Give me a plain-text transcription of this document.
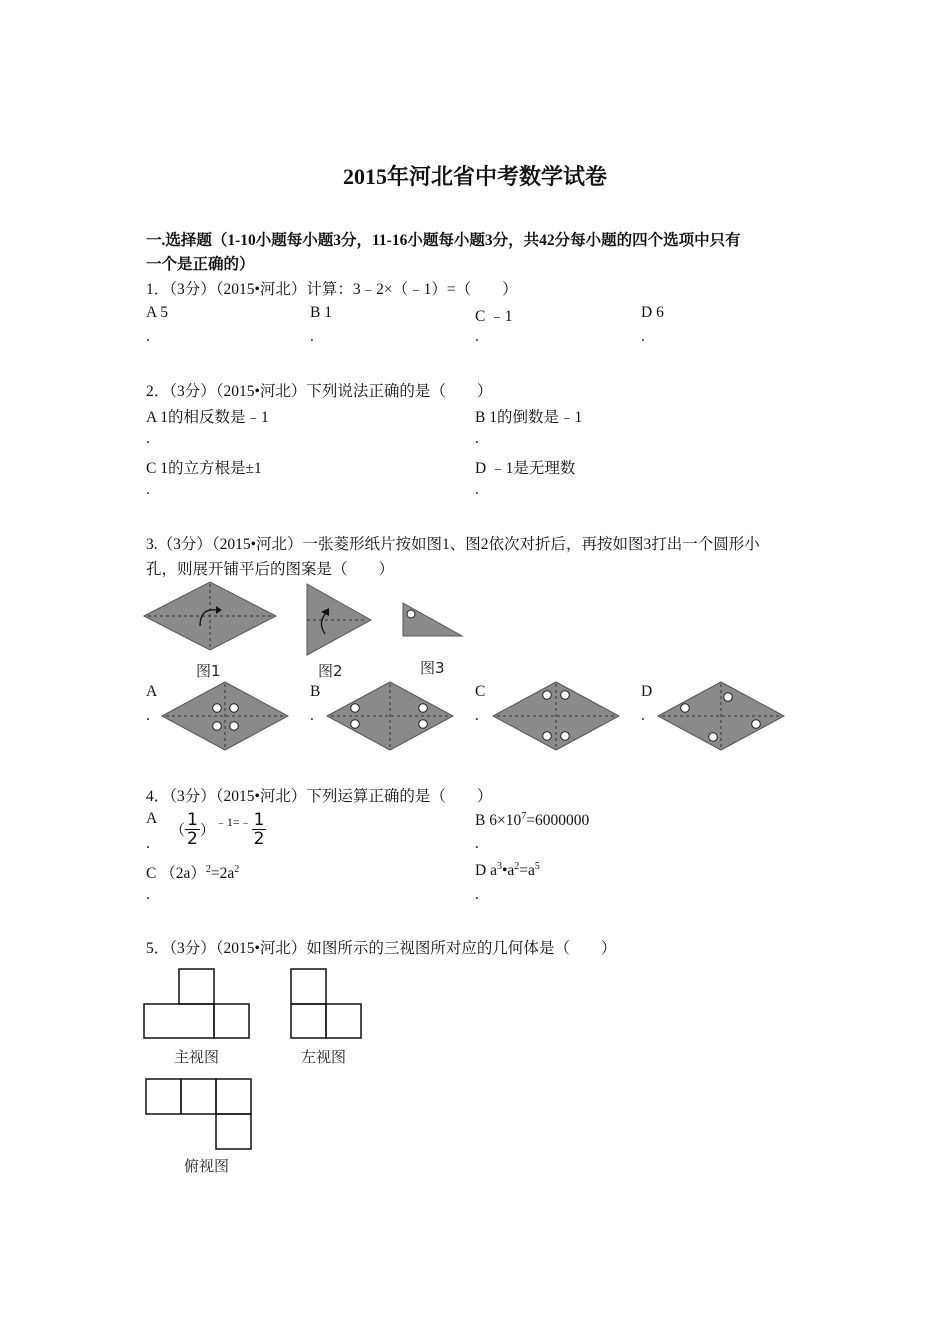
2015年河北省中考数学试卷
一.选择题（1-10小题每小题3分，11-16小题每小题3分，共42分每小题的四个选项中只有
一个是正确的）
1．（3分）（2015•河北）计算：3﹣2×（﹣1）=（　　）
A 5	B 1	C ﹣1	D 6
.	.	.	.
2．（3分）（2015•河北）下列说法正确的是（　　）
A 1的相反数是﹣1	B 1的倒数是﹣1
.	.
C 1的立方根是±1	D ﹣1是无理数
.	.
3.（3分）（2015•河北）一张菱形纸片按如图1、图2依次对折后，再按如图3打出一个圆形小
孔，则展开铺平后的图案是（　　）
图1	图2	图3
A
.
B
.
C
.
D
.
4．（3分）（2015•河北）下列运算正确的是（　　）
A
.
（ $\frac{1}{2} )^{﹣1=﹣} \frac{1}{2}$	B $6\times 10^7=6000000$
.
C $(2a)^2=2a^2$
.
D $a^3•a^2=a^5$
.
5．（3分）（2015•河北）如图所示的三视图所对应的几何体是（　　）
主视图	左视图
俯视图
